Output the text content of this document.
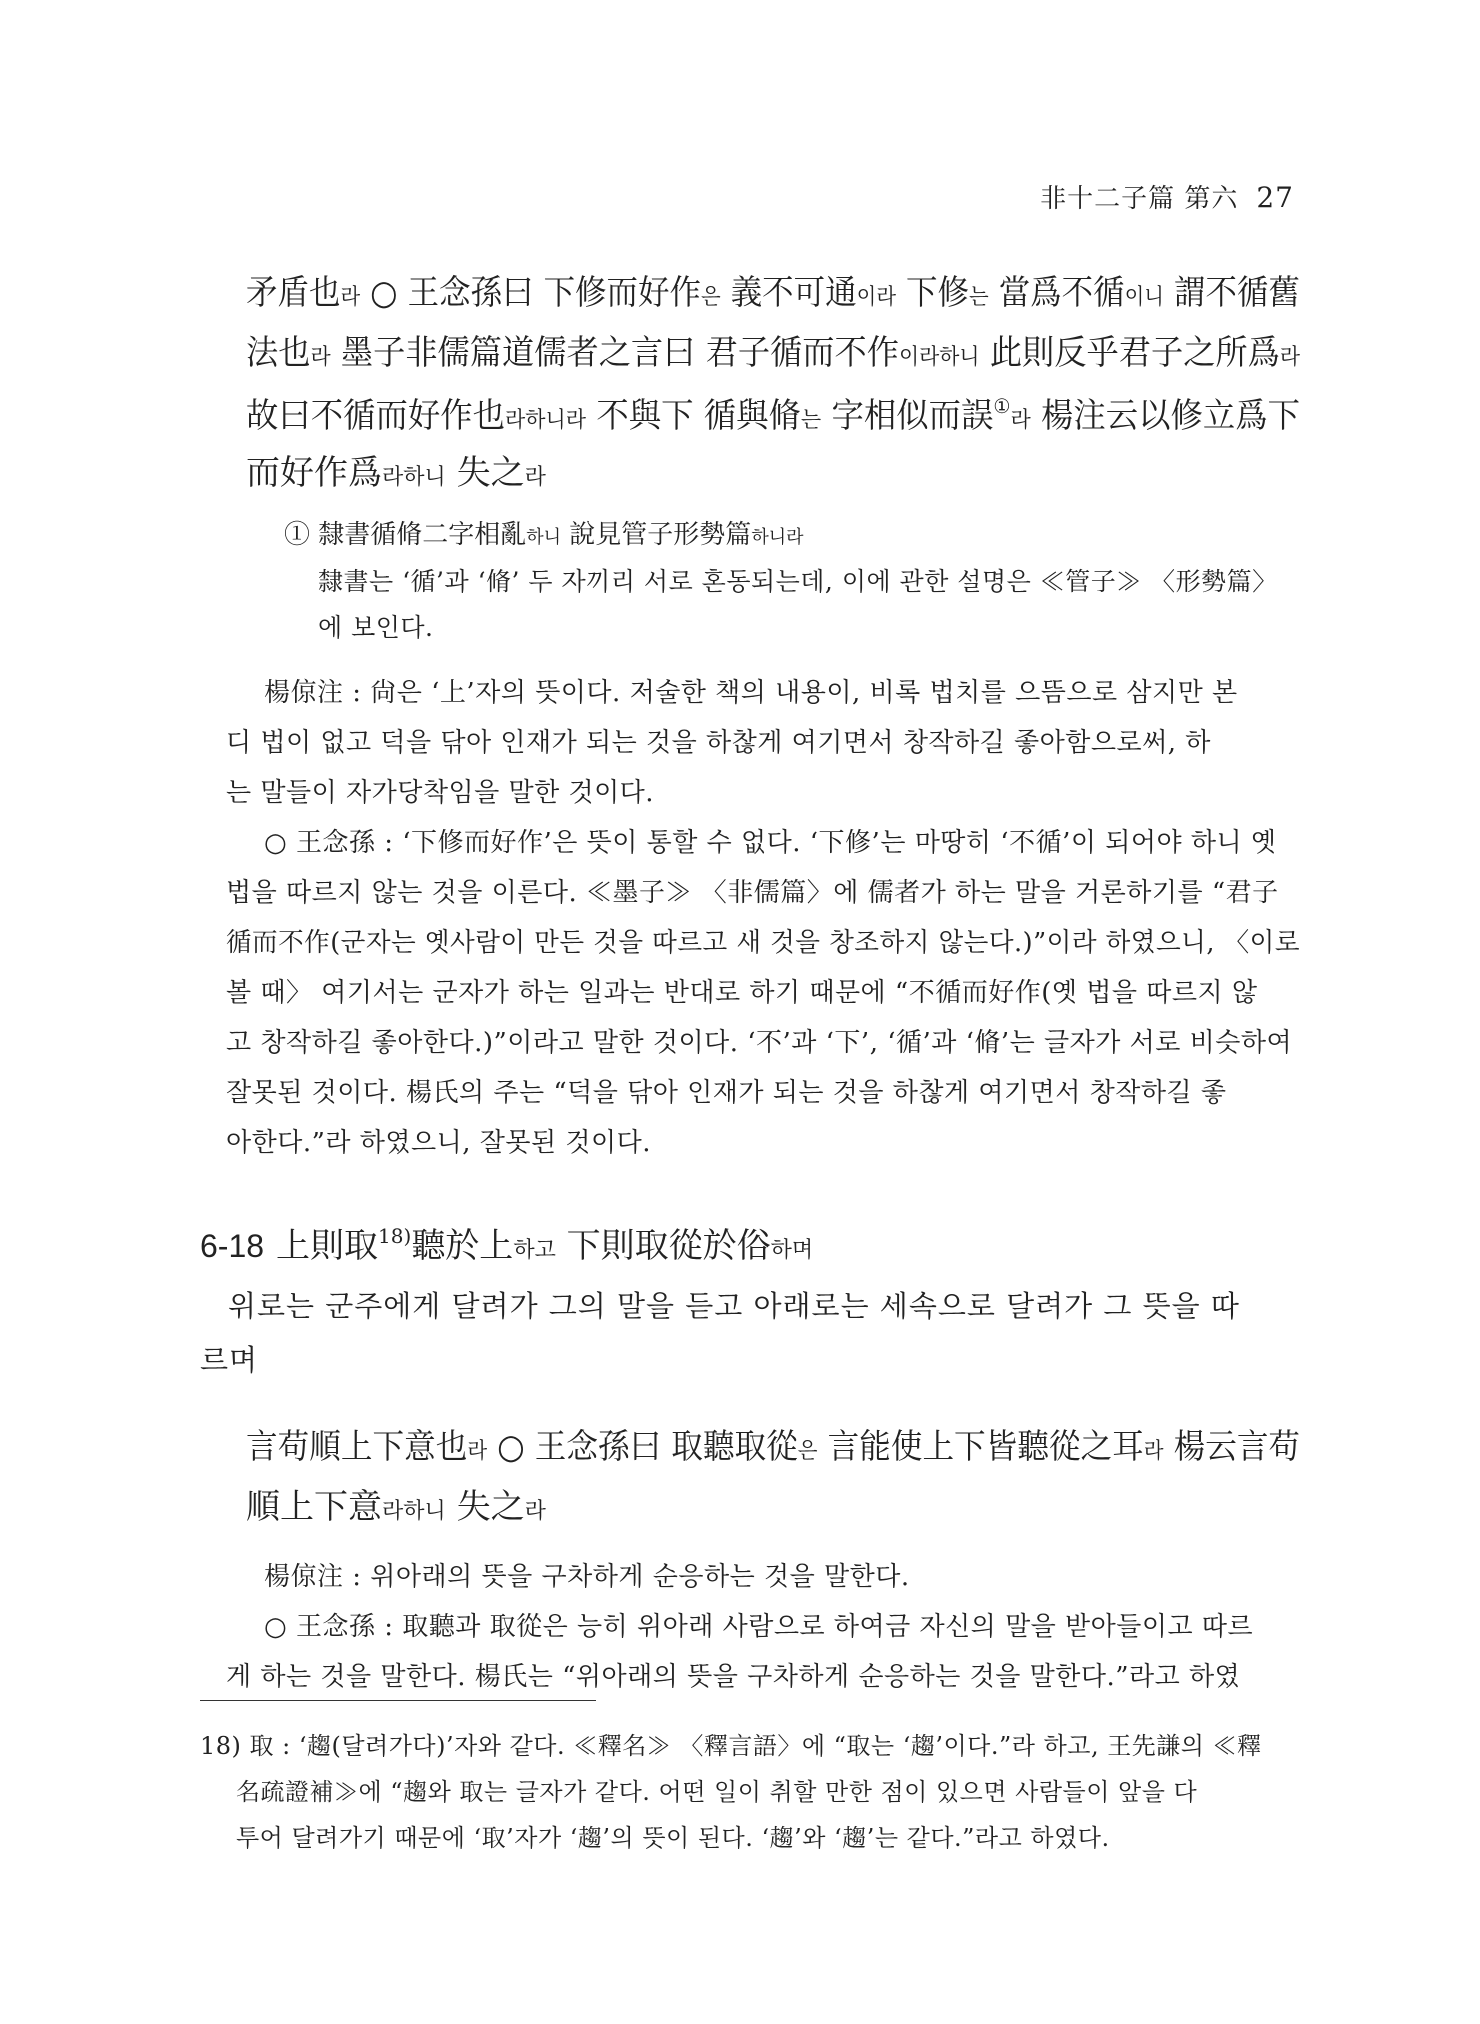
非十二子篇 第六 27
矛盾也라 ○ 王念孫曰 下修而好作은 義不可通이라 下修는 當爲不循이니 謂不循舊
法也라 墨子非儒篇道儒者之言曰 君子循而不作이라하니 此則反乎君子之所爲라
故曰不循而好作也라하니라 不與下 循與脩는 字相似而誤①라 楊注云以修立爲下
而好作爲라하니 失之라
① 隸書循脩二字相亂하니 說見管子形勢篇하니라
隸書는 ‘循’과 ‘脩’ 두 자끼리 서로 혼동되는데, 이에 관한 설명은 ≪管子≫ 〈形勢篇〉
에 보인다.
楊倞注 : 尙은 ‘上’자의 뜻이다. 저술한 책의 내용이, 비록 법치를 으뜸으로 삼지만 본
디 법이 없고 덕을 닦아 인재가 되는 것을 하찮게 여기면서 창작하길 좋아함으로써, 하
는 말들이 자가당착임을 말한 것이다.
○ 王念孫 : ‘下修而好作’은 뜻이 통할 수 없다. ‘下修’는 마땅히 ‘不循’이 되어야 하니 옛
법을 따르지 않는 것을 이른다. ≪墨子≫ 〈非儒篇〉에 儒者가 하는 말을 거론하기를 “君子
循而不作(군자는 옛사람이 만든 것을 따르고 새 것을 창조하지 않는다.)”이라 하였으니, 〈이로
볼 때〉 여기서는 군자가 하는 일과는 반대로 하기 때문에 “不循而好作(옛 법을 따르지 않
고 창작하길 좋아한다.)”이라고 말한 것이다. ‘不’과 ‘下’, ‘循’과 ‘脩’는 글자가 서로 비슷하여
잘못된 것이다. 楊氏의 주는 “덕을 닦아 인재가 되는 것을 하찮게 여기면서 창작하길 좋
아한다.”라 하였으니, 잘못된 것이다.
6-18 上則取$^{18)}$聽於上하고 下則取從於俗하며
위로는 군주에게 달려가 그의 말을 듣고 아래로는 세속으로 달려가 그 뜻을 따
르며
言苟順上下意也라 ○ 王念孫曰 取聽取從은 言能使上下皆聽從之耳라 楊云言苟
順上下意라하니 失之라
楊倞注 : 위아래의 뜻을 구차하게 순응하는 것을 말한다.
○ 王念孫 : 取聽과 取從은 능히 위아래 사람으로 하여금 자신의 말을 받아들이고 따르
게 하는 것을 말한다. 楊氏는 “위아래의 뜻을 구차하게 순응하는 것을 말한다.”라고 하였
18) 取 : ‘趨(달려가다)’자와 같다. ≪釋名≫ 〈釋言語〉에 “取는 ‘趨’이다.”라 하고, 王先謙의 ≪釋
名疏證補≫에 “趨와 取는 글자가 같다. 어떤 일이 취할 만한 점이 있으면 사람들이 앞을 다
투어 달려가기 때문에 ‘取’자가 ‘趨’의 뜻이 된다. ‘趨’와 ‘趨’는 같다.”라고 하였다.
